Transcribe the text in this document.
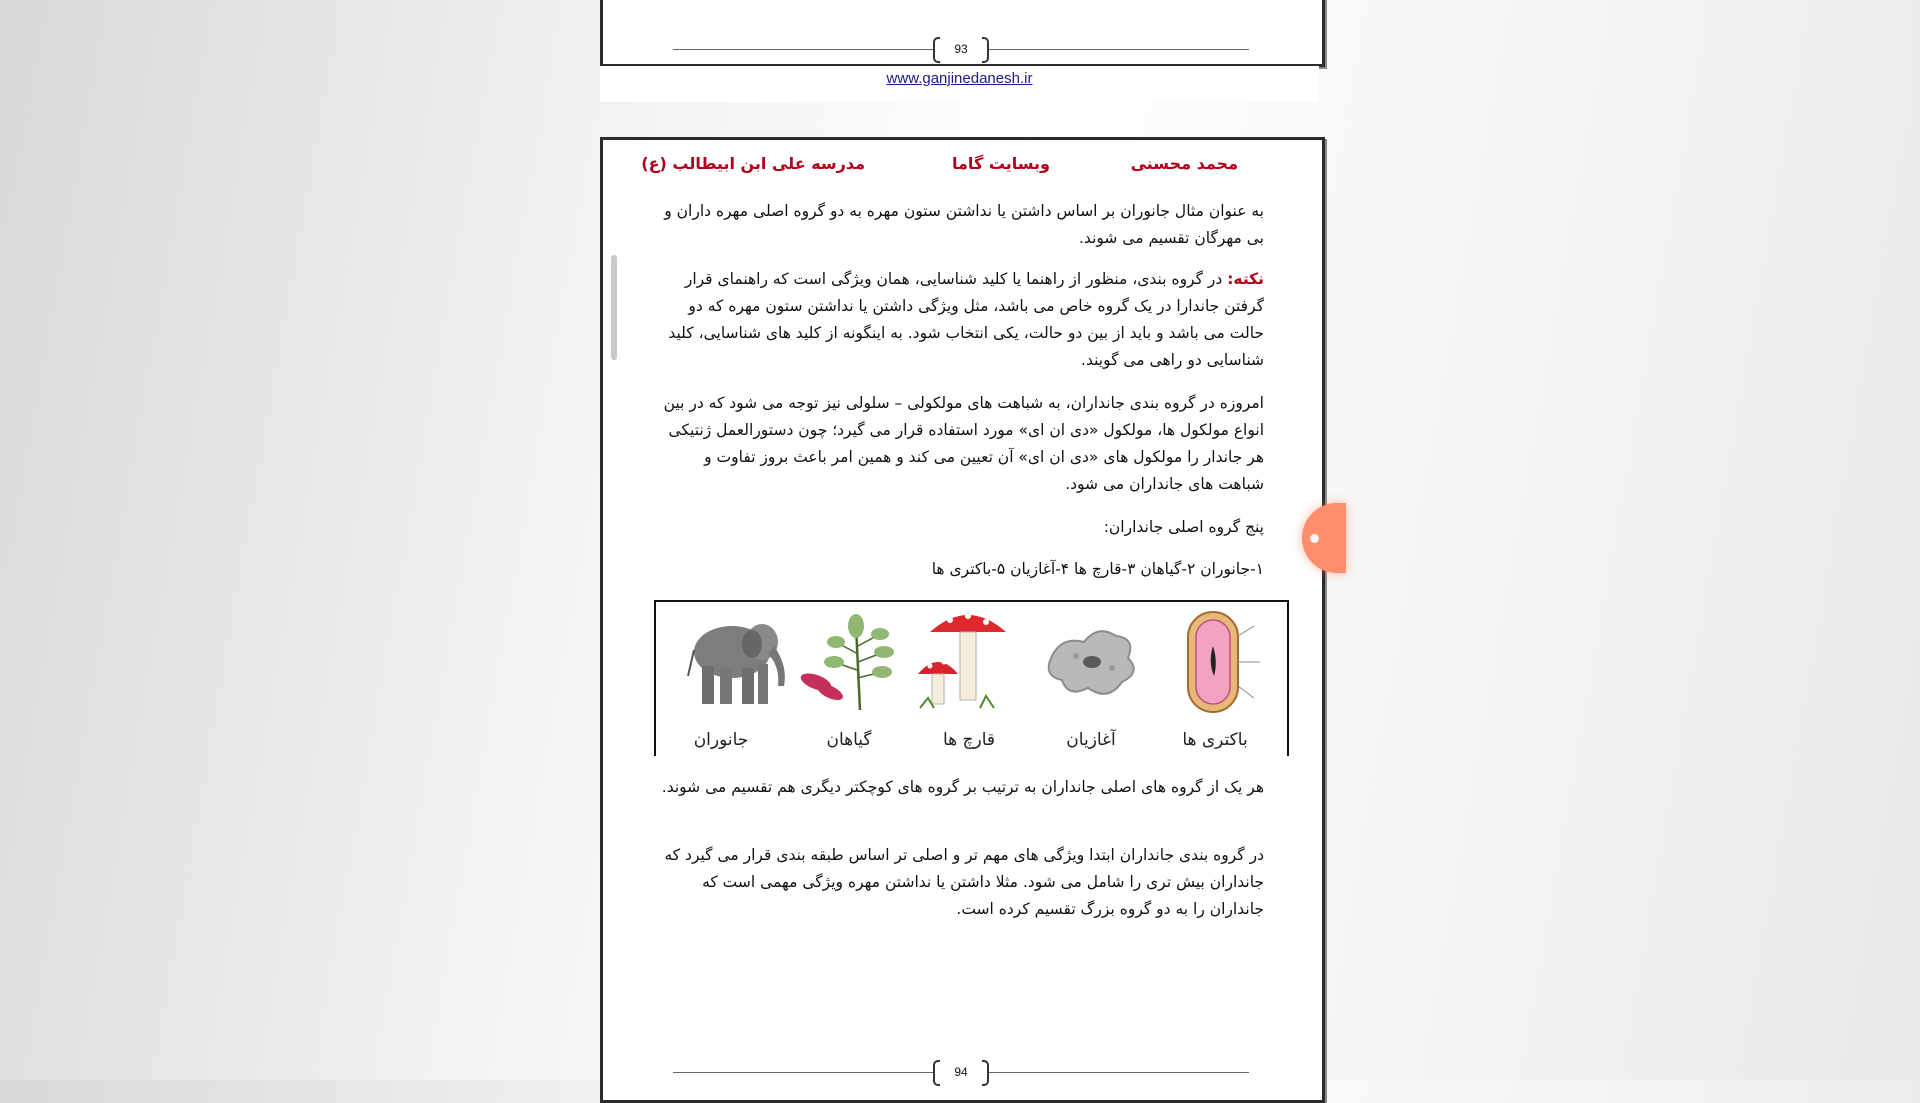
93
www.ganjinedanesh.ir
محمد محسنی
وبسایت گاما
مدرسه علی ابن ابیطالب (ع)
به عنوان مثال جانوران بر اساس داشتن یا نداشتن ستون مهره به دو گروه اصلی مهره داران و بی مهرگان تقسیم می شوند.
نکته: در گروه بندی، منظور از راهنما یا کلید شناسایی، همان ویژگی است که راهنمای قرار گرفتن جاندارا در یک گروه خاص می باشد، مثل ویژگی داشتن یا نداشتن ستون مهره که دو حالت می باشد و باید از بین دو حالت، یکی انتخاب شود. به اینگونه از کلید های شناسایی، کلید شناسایی دو راهی می گویند.
امروزه در گروه بندی جانداران، به شباهت های مولکولی – سلولی نیز توجه می شود که در بین انواع مولکول ها، مولکول «دی ان ای» مورد استفاده قرار می گیرد؛ چون دستورالعمل ژنتیکی هر جاندار را مولکول های «دی ان ای» آن تعیین می کند و همین امر باعث بروز تفاوت و شباهت های جانداران می شود.
پنج گروه اصلی جانداران:
۱-جانوران ۲-گیاهان ۳-قارچ ها ۴-آغازیان ۵-باکتری ها
جانوران	گیاهان	قارچ ها	آغازیان	باکتری ها
هر یک از گروه های اصلی جانداران به ترتیب بر گروه های کوچکتر دیگری هم تقسیم می شوند.
در گروه بندی جانداران ابتدا ویژگی های مهم تر و اصلی تر اساس طبقه بندی قرار می گیرد که جانداران بیش تری را شامل می شود. مثلا داشتن یا نداشتن مهره ویژگی مهمی است که جانداران را به دو گروه بزرگ تقسیم کرده است.
94
